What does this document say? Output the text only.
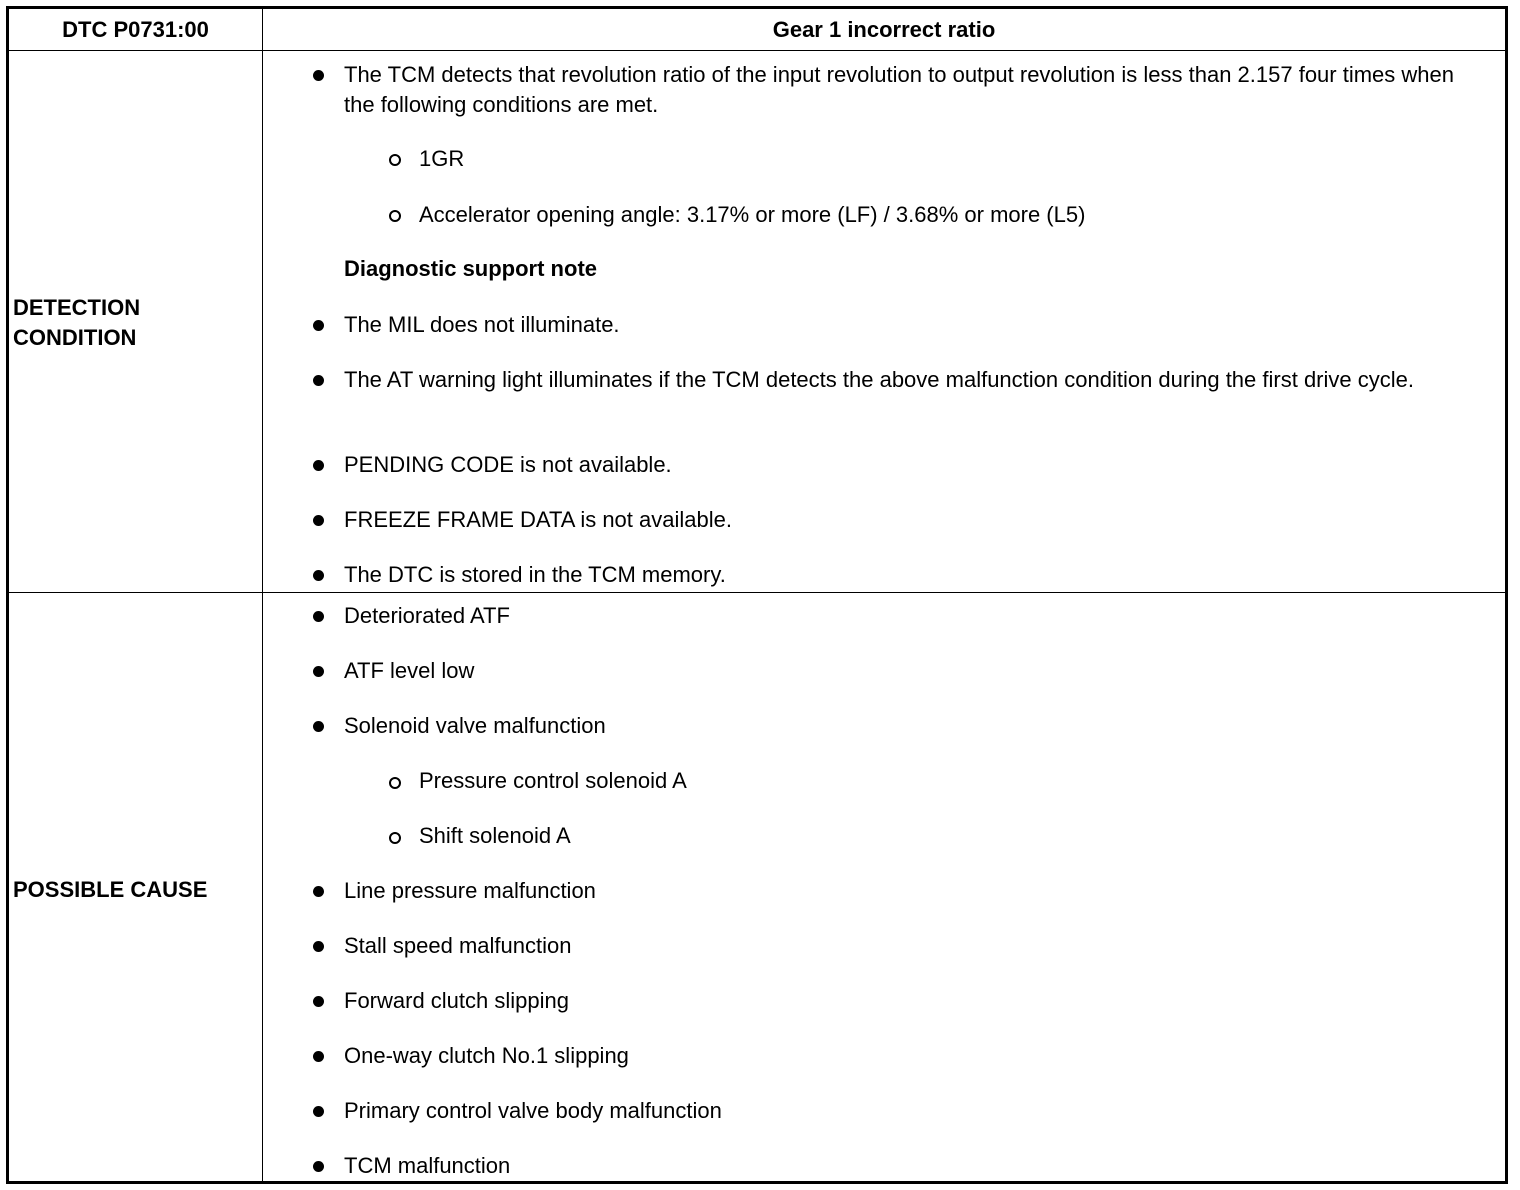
DTC P0731:00	Gear 1 incorrect ratio
DETECTION
CONDITION
The TCM detects that revolution ratio of the input revolution to output revolution is less than 2.157 four times when the following conditions are met.
1GR
Accelerator opening angle: 3.17% or more (LF) / 3.68% or more (L5)
Diagnostic support note
The MIL does not illuminate.
The AT warning light illuminates if the TCM detects the above malfunction condition during the first drive cycle.
PENDING CODE is not available.
FREEZE FRAME DATA is not available.
The DTC is stored in the TCM memory.
POSSIBLE CAUSE
Deteriorated ATF
ATF level low
Solenoid valve malfunction
Pressure control solenoid A
Shift solenoid A
Line pressure malfunction
Stall speed malfunction
Forward clutch slipping
One-way clutch No.1 slipping
Primary control valve body malfunction
TCM malfunction
